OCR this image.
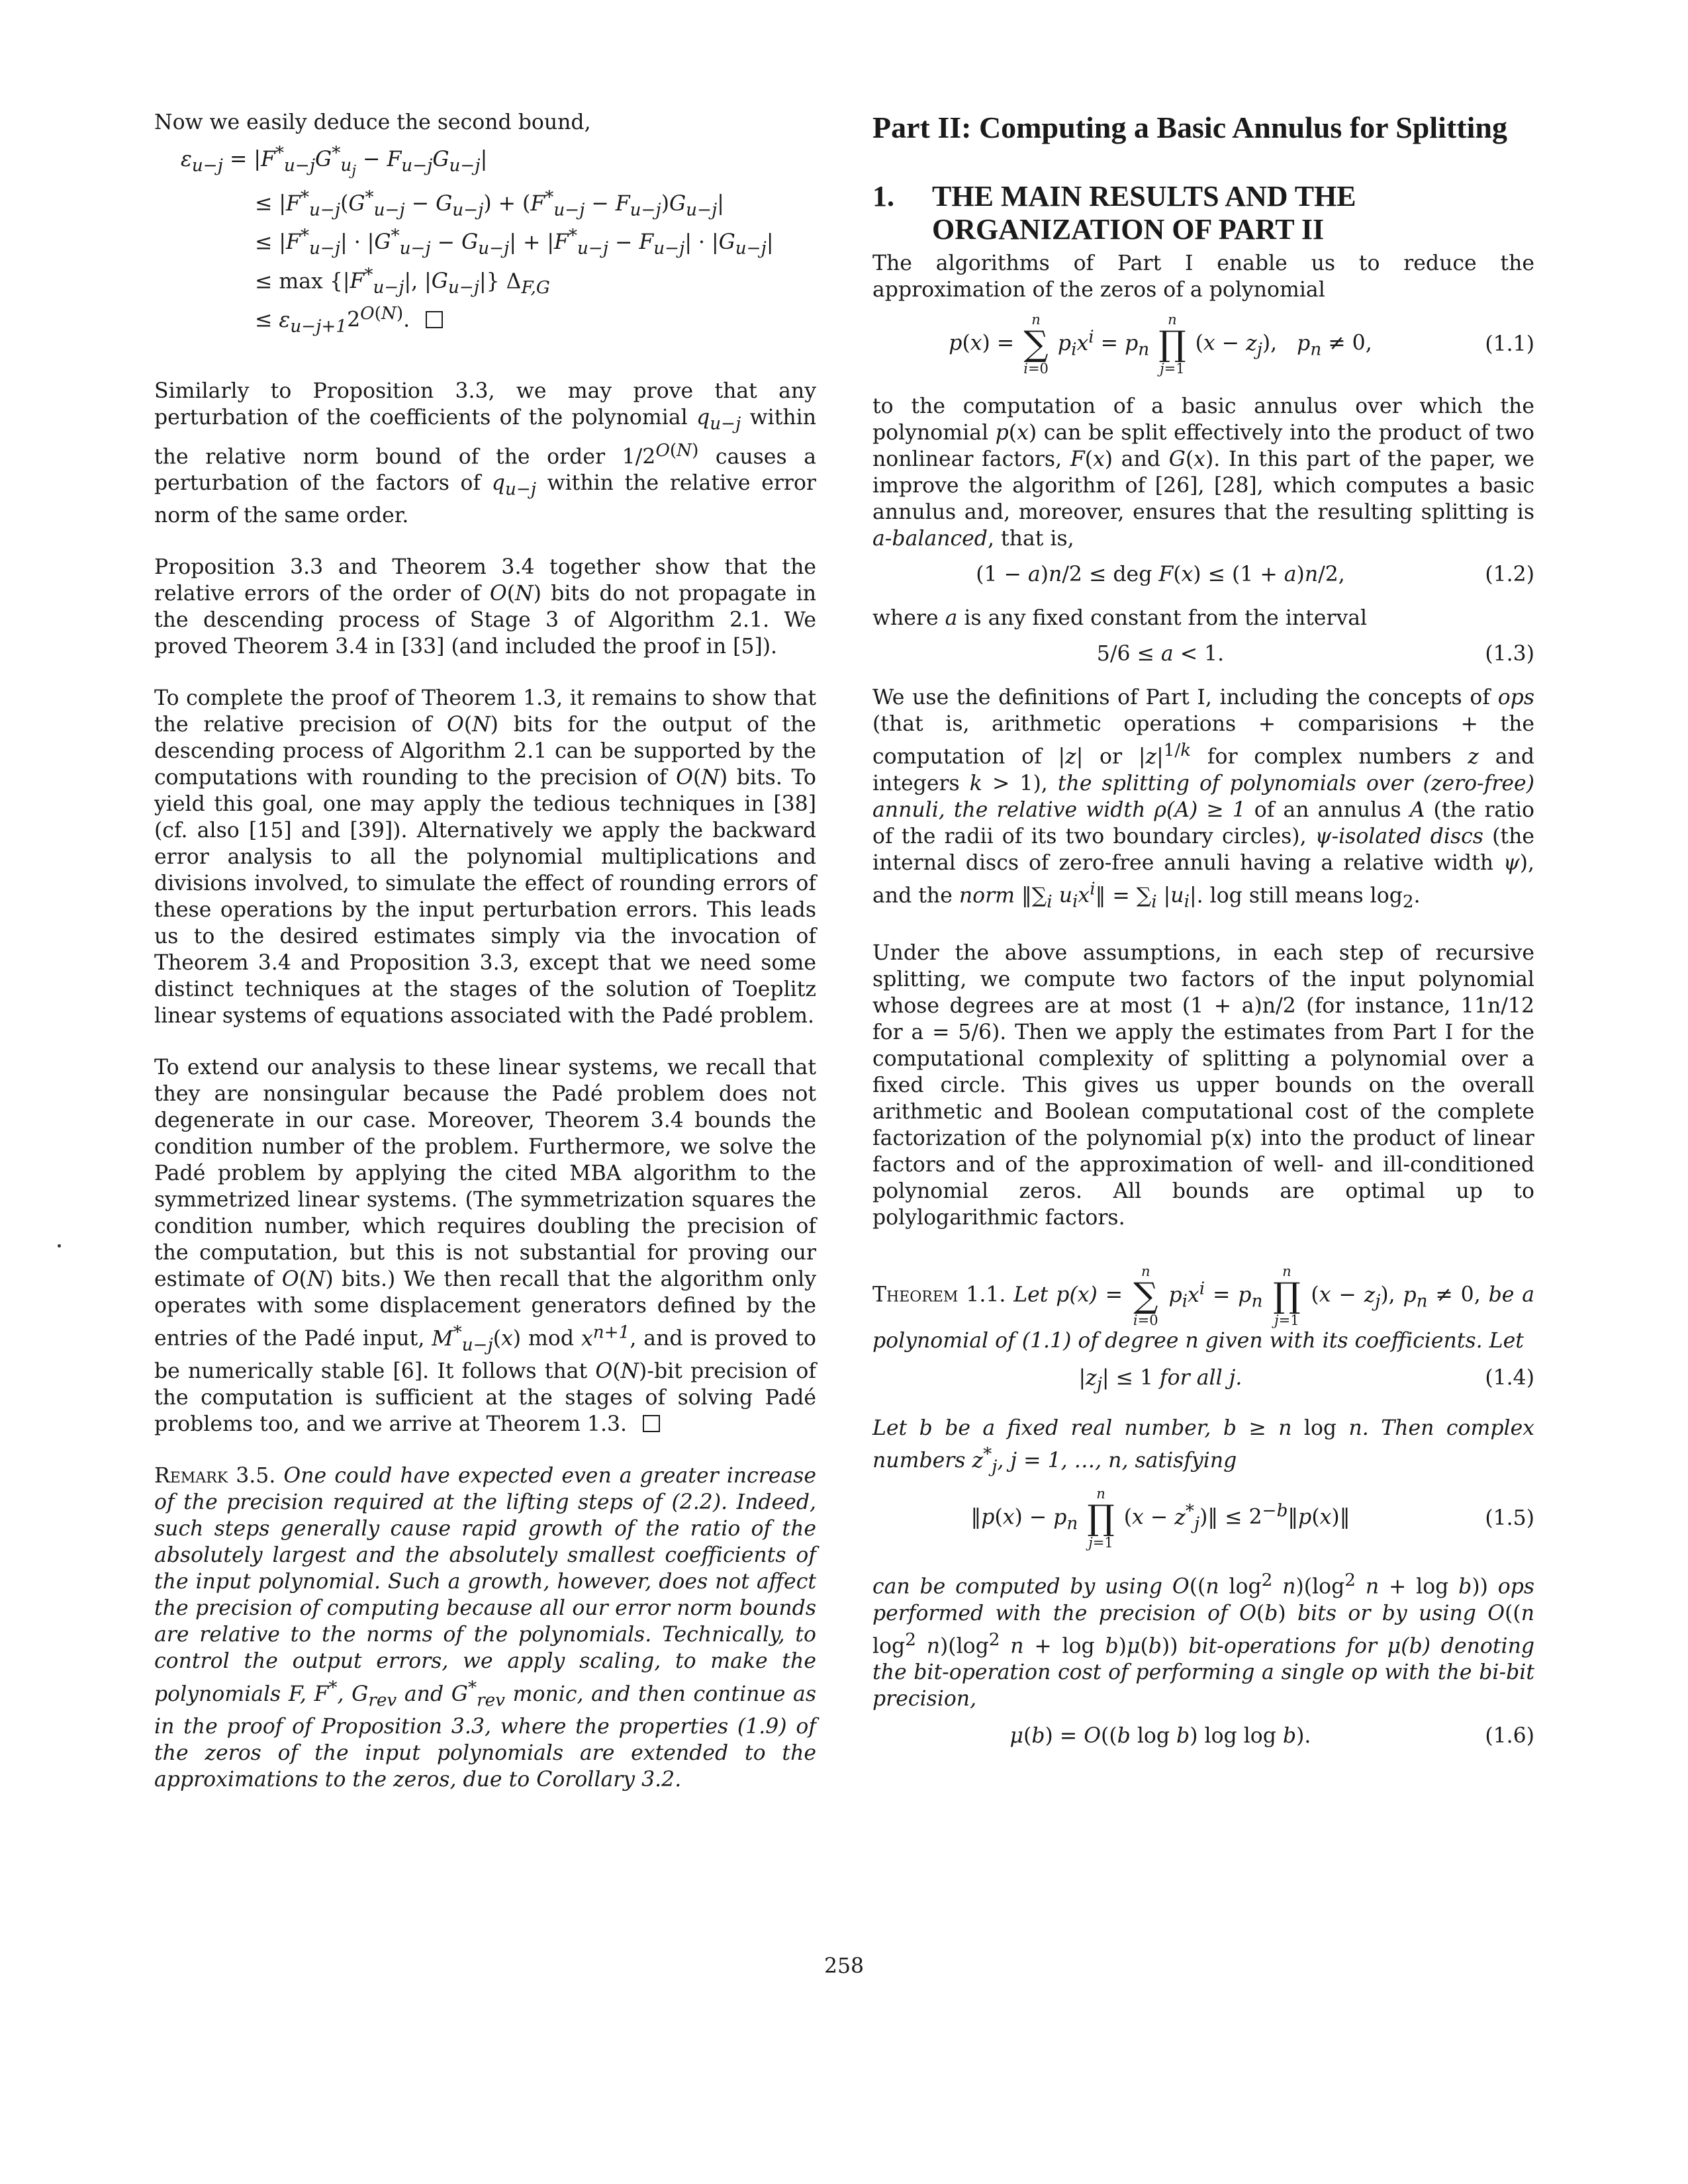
Now we easily deduce the second bound,

$\varepsilon_{u-j} = |F^*_{u-j}G^*_{u_j} - F_{u-j}G_{u-j}|$
≤ $|F^*_{u-j}(G^*_{u-j} - G_{u-j}) + (F^*_{u-j} - F_{u-j})G_{u-j}|$
≤ $|F^*_{u-j}| \cdot |G^*_{u-j} - G_{u-j}| + |F^*_{u-j} - F_{u-j}| \cdot |G_{u-j}|$
≤ $\max \{|F^*_{u-j}|$, $|G_{u-j}|$} $\Delta_{F,G}$
≤ $\varepsilon_{u-j+1}2^{O(N)}$.

Similarly to Proposition 3.3, we may prove that any perturbation of the coefficients of the polynomial $q_{u-j}$ within the relative norm bound of the order $1/2^{O(N)}$ causes a perturbation of the factors of $q_{u-j}$ within the relative error norm of the same order.

Proposition 3.3 and Theorem 3.4 together show that the relative errors of the order of O(N) bits do not propagate in the descending process of Stage 3 of Algorithm 2.1. We proved Theorem 3.4 in [33] (and included the proof in [5]).

To complete the proof of Theorem 1.3, it remains to show that the relative precision of O(N) bits for the output of the descending process of Algorithm 2.1 can be supported by the computations with rounding to the precision of O(N) bits. To yield this goal, one may apply the tedious techniques in [38] (cf. also [15] and [39]). Alternatively we apply the backward error analysis to all the polynomial multiplications and divisions involved, to simulate the effect of rounding errors of these operations by the input perturbation errors. This leads us to the desired estimates simply via the invocation of Theorem 3.4 and Proposition 3.3, except that we need some distinct techniques at the stages of the solution of Toeplitz linear systems of equations associated with the Padé problem.

To extend our analysis to these linear systems, we recall that they are nonsingular because the Padé problem does not degenerate in our case. Moreover, Theorem 3.4 bounds the condition number of the problem. Furthermore, we solve the Padé problem by applying the cited MBA algorithm to the symmetrized linear systems. (The symmetrization squares the condition number, which requires doubling the precision of the computation, but this is not substantial for proving our estimate of O(N) bits.) We then recall that the algorithm only operates with some displacement generators defined by the entries of the Padé input, $M^*_{u-j}(x)$ mod $x^{n+1}$, and is proved to be numerically stable [6]. It follows that O(N)-bit precision of the computation is sufficient at the stages of solving Padé problems too, and we arrive at Theorem 1.3.

Remark 3.5. One could have expected even a greater increase of the precision required at the lifting steps of (2.2). Indeed, such steps generally cause rapid growth of the ratio of the absolutely largest and the absolutely smallest coefficients of the input polynomial. Such a growth, however, does not affect the precision of computing because all our error norm bounds are relative to the norms of the polynomials. Technically, to control the output errors, we apply scaling, to make the polynomials F, F*, $G_{rev}$ and $G^*_{rev}$ monic, and then continue as in the proof of Proposition 3.3, where the properties (1.9) of the zeros of the input polynomials are extended to the approximations to the zeros, due to Corollary 3.2.

Part II: Computing a Basic Annulus for Splitting
1.	THE MAIN RESULTS AND THE ORGANIZATION OF PART II

The algorithms of Part I enable us to reduce the approximation of the zeros of a polynomial

p(x) =
n
∑
i=0
$p_ix^i = p_n$
n
∏
j=1
$(x - z_j)$,   $p_n \ne 0$,	(1.1)

to the computation of a basic annulus over which the polynomial p(x) can be split effectively into the product of two nonlinear factors, F(x) and G(x). In this part of the paper, we improve the algorithm of [26], [28], which computes a basic annulus and, moreover, ensures that the resulting splitting is a-balanced, that is,

(1 − a)n/2 ≤ deg F(x) ≤ (1 + a)n/2,	(1.2)

where a is any fixed constant from the interval

5/6 ≤ a < 1.	(1.3)

We use the definitions of Part I, including the concepts of ops (that is, arithmetic operations + comparisions + the computation of |z| or $|z|^{1/k}$ for complex numbers z and integers k > 1), the splitting of polynomials over (zero-free) annuli, the relative width ρ(A) ≥ 1 of an annulus A (the ratio of the radii of its two boundary circles), ψ-isolated discs (the internal discs of zero-free annuli having a relative width ψ), and the norm $‖\sum_i$ $u_ix^i‖ = \sum_i$ $|u_i|$. log still means $\log_2$.

Under the above assumptions, in each step of recursive splitting, we compute two factors of the input polynomial whose degrees are at most (1 + a)n/2 (for instance, 11n/12 for a = 5/6). Then we apply the estimates from Part I for the computational complexity of splitting a polynomial over a fixed circle. This gives us upper bounds on the overall arithmetic and Boolean computational cost of the complete factorization of the polynomial p(x) into the product of linear factors and of the approximation of well- and ill-conditioned polynomial zeros. All bounds are optimal up to polylogarithmic factors.

Theorem 1.1. Let p(x) =
n
∑
i=0
$p_ix^i = p_n$
n
∏
j=1
$(x - z_j)$, $p_n \ne 0$, be a polynomial of (1.1) of degree n given with its coefficients. Let

$|z_j| \le 1$ for all j.	(1.4)

Let b be a fixed real number, b ≥ n log n. Then complex numbers $z^*_j$, j = 1, …, n, satisfying

‖p(x) − $p_n$
n
∏
j=1
$(x - z^*_j)‖$ ≤ $2^{-b}‖p(x)‖$	(1.5)

can be computed by using O((n $\log^2 n)(\log^2$ n + log b)) ops performed with the precision of O(b) bits or by using O((n $\log^2 n)(\log^2$ n + log b)μ(b)) bit-operations for μ(b) denoting the bit-operation cost of performing a single op with the bi-bit precision,

μ(b) = O((b log b) log log b).	(1.6)
258
